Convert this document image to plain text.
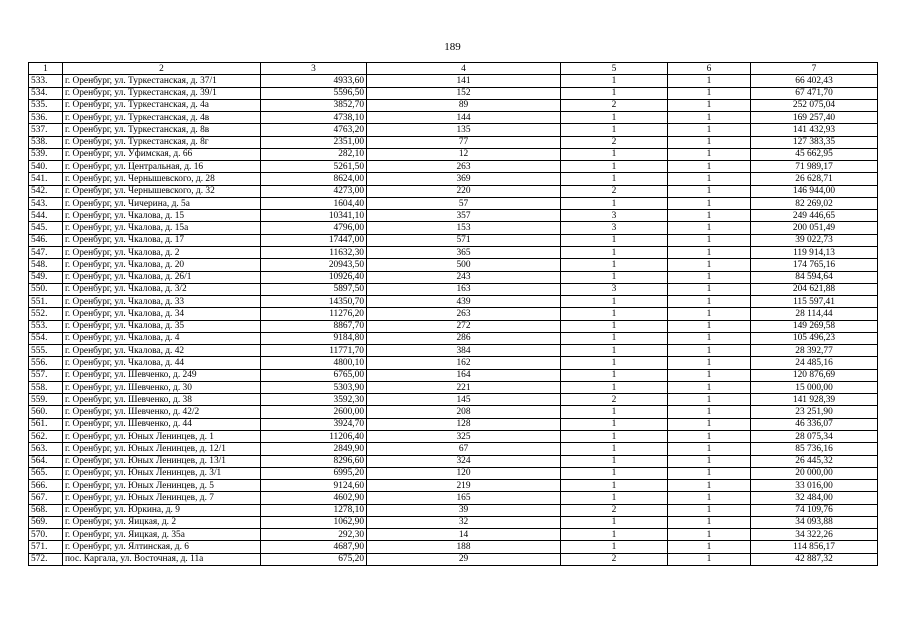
189
1	2	3	4	5	6	7
533.	г. Оренбург, ул. Туркестанская, д. 37/1	4933,60	141	1	1	66 402,43
534.	г. Оренбург, ул. Туркестанская, д. 39/1	5596,50	152	1	1	67 471,70
535.	г. Оренбург, ул. Туркестанская, д. 4а	3852,70	89	2	1	252 075,04
536.	г. Оренбург, ул. Туркестанская, д. 4в	4738,10	144	1	1	169 257,40
537.	г. Оренбург, ул. Туркестанская, д. 8в	4763,20	135	1	1	141 432,93
538.	г. Оренбург, ул. Туркестанская, д. 8г	2351,00	77	2	1	127 383,35
539.	г. Оренбург, ул. Уфимская, д. 66	282,10	12	1	1	45 662,95
540.	г. Оренбург, ул. Центральная, д. 16	5261,50	263	1	1	71 989,17
541.	г. Оренбург, ул. Чернышевского, д. 28	8624,00	369	1	1	26 628,71
542.	г. Оренбург, ул. Чернышевского, д. 32	4273,00	220	2	1	146 944,00
543.	г. Оренбург, ул. Чичерина, д. 5а	1604,40	57	1	1	82 269,02
544.	г. Оренбург, ул. Чкалова, д. 15	10341,10	357	3	1	249 446,65
545.	г. Оренбург, ул. Чкалова, д. 15а	4796,00	153	3	1	200 051,49
546.	г. Оренбург, ул. Чкалова, д. 17	17447,00	571	1	1	39 022,73
547.	г. Оренбург, ул. Чкалова, д. 2	11632,30	365	1	1	119 914,13
548.	г. Оренбург, ул. Чкалова, д. 20	20943,50	500	1	1	174 765,16
549.	г. Оренбург, ул. Чкалова, д. 26/1	10926,40	243	1	1	84 594,64
550.	г. Оренбург, ул. Чкалова, д. 3/2	5897,50	163	3	1	204 621,88
551.	г. Оренбург, ул. Чкалова, д. 33	14350,70	439	1	1	115 597,41
552.	г. Оренбург, ул. Чкалова, д. 34	11276,20	263	1	1	28 114,44
553.	г. Оренбург, ул. Чкалова, д. 35	8867,70	272	1	1	149 269,58
554.	г. Оренбург, ул. Чкалова, д. 4	9184,80	286	1	1	105 496,23
555.	г. Оренбург, ул. Чкалова, д. 42	11771,70	384	1	1	28 392,77
556.	г. Оренбург, ул. Чкалова, д. 44	4800,10	162	1	1	24 485,16
557.	г. Оренбург, ул. Шевченко, д. 249	6765,00	164	1	1	120 876,69
558.	г. Оренбург, ул. Шевченко, д. 30	5303,90	221	1	1	15 000,00
559.	г. Оренбург, ул. Шевченко, д. 38	3592,30	145	2	1	141 928,39
560.	г. Оренбург, ул. Шевченко, д. 42/2	2600,00	208	1	1	23 251,90
561.	г. Оренбург, ул. Шевченко, д. 44	3924,70	128	1	1	46 336,07
562.	г. Оренбург, ул. Юных Ленинцев, д. 1	11206,40	325	1	1	28 075,34
563.	г. Оренбург, ул. Юных Ленинцев, д. 12/1	2849,90	67	1	1	85 736,16
564.	г. Оренбург, ул. Юных Ленинцев, д. 13/1	8296,60	324	1	1	26 445,32
565.	г. Оренбург, ул. Юных Ленинцев, д. 3/1	6995,20	120	1	1	20 000,00
566.	г. Оренбург, ул. Юных Ленинцев, д. 5	9124,60	219	1	1	33 016,00
567.	г. Оренбург, ул. Юных Ленинцев, д. 7	4602,90	165	1	1	32 484,00
568.	г. Оренбург, ул. Юркина, д. 9	1278,10	39	2	1	74 109,76
569.	г. Оренбург, ул. Яицкая, д. 2	1062,90	32	1	1	34 093,88
570.	г. Оренбург, ул. Яицкая, д. 35а	292,30	14	1	1	34 322,26
571.	г. Оренбург, ул. Ялтинская, д. 6	4687,90	188	1	1	114 856,17
572.	пос. Каргала, ул. Восточная, д. 11а	675,20	29	2	1	42 887,32
